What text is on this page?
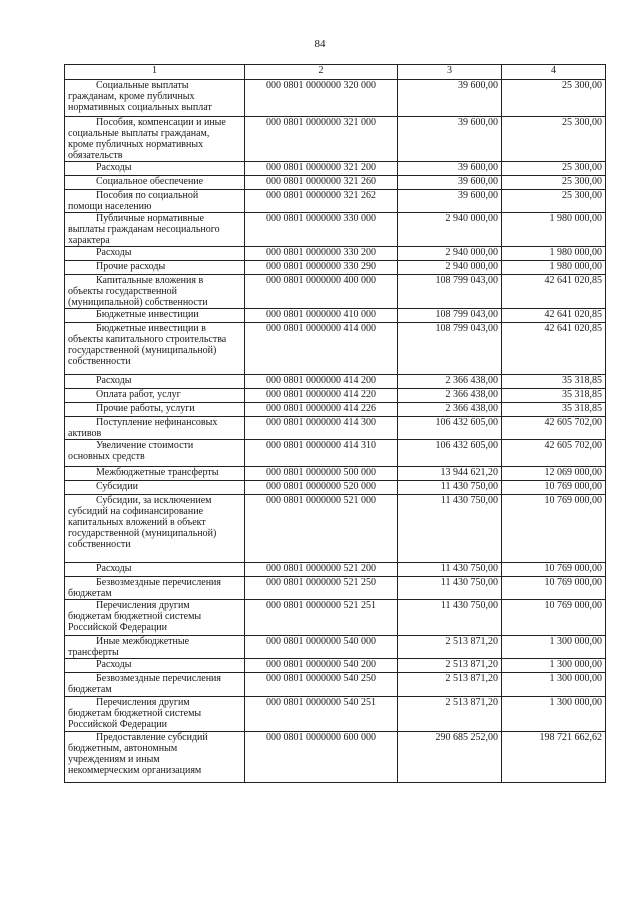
84
1	2	3	4
Социальные выплаты
гражданам, кроме публичных
нормативных социальных выплат	000 0801 0000000 320 000	39 600,00	25 300,00
Пособия, компенсации и иные
социальные выплаты гражданам,
кроме публичных нормативных
обязательств	000 0801 0000000 321 000	39 600,00	25 300,00
Расходы	000 0801 0000000 321 200	39 600,00	25 300,00
Социальное обеспечение	000 0801 0000000 321 260	39 600,00	25 300,00
Пособия по социальной
помощи населению	000 0801 0000000 321 262	39 600,00	25 300,00
Публичные нормативные
выплаты гражданам несоциального
характера	000 0801 0000000 330 000	2 940 000,00	1 980 000,00
Расходы	000 0801 0000000 330 200	2 940 000,00	1 980 000,00
Прочие расходы	000 0801 0000000 330 290	2 940 000,00	1 980 000,00
Капитальные вложения в
объекты государственной
(муниципальной) собственности	000 0801 0000000 400 000	108 799 043,00	42 641 020,85
Бюджетные инвестиции	000 0801 0000000 410 000	108 799 043,00	42 641 020,85
Бюджетные инвестиции в
объекты капитального строительства
государственной (муниципальной)
собственности	000 0801 0000000 414 000	108 799 043,00	42 641 020,85
Расходы	000 0801 0000000 414 200	2 366 438,00	35 318,85
Оплата работ, услуг	000 0801 0000000 414 220	2 366 438,00	35 318,85
Прочие работы, услуги	000 0801 0000000 414 226	2 366 438,00	35 318,85
Поступление нефинансовых
активов	000 0801 0000000 414 300	106 432 605,00	42 605 702,00
Увеличение стоимости
основных средств	000 0801 0000000 414 310	106 432 605,00	42 605 702,00
Межбюджетные трансферты	000 0801 0000000 500 000	13 944 621,20	12 069 000,00
Субсидии	000 0801 0000000 520 000	11 430 750,00	10 769 000,00
Субсидии, за исключением
субсидий на софинансирование
капитальных вложений в объект
государственной (муниципальной)
собственности	000 0801 0000000 521 000	11 430 750,00	10 769 000,00
Расходы	000 0801 0000000 521 200	11 430 750,00	10 769 000,00
Безвозмездные перечисления
бюджетам	000 0801 0000000 521 250	11 430 750,00	10 769 000,00
Перечисления другим
бюджетам бюджетной системы
Российской Федерации	000 0801 0000000 521 251	11 430 750,00	10 769 000,00
Иные межбюджетные
трансферты	000 0801 0000000 540 000	2 513 871,20	1 300 000,00
Расходы	000 0801 0000000 540 200	2 513 871,20	1 300 000,00
Безвозмездные перечисления
бюджетам	000 0801 0000000 540 250	2 513 871,20	1 300 000,00
Перечисления другим
бюджетам бюджетной системы
Российской Федерации	000 0801 0000000 540 251	2 513 871,20	1 300 000,00
Предоставление субсидий
бюджетным, автономным
учреждениям и иным
некоммерческим организациям	000 0801 0000000 600 000	290 685 252,00	198 721 662,62
